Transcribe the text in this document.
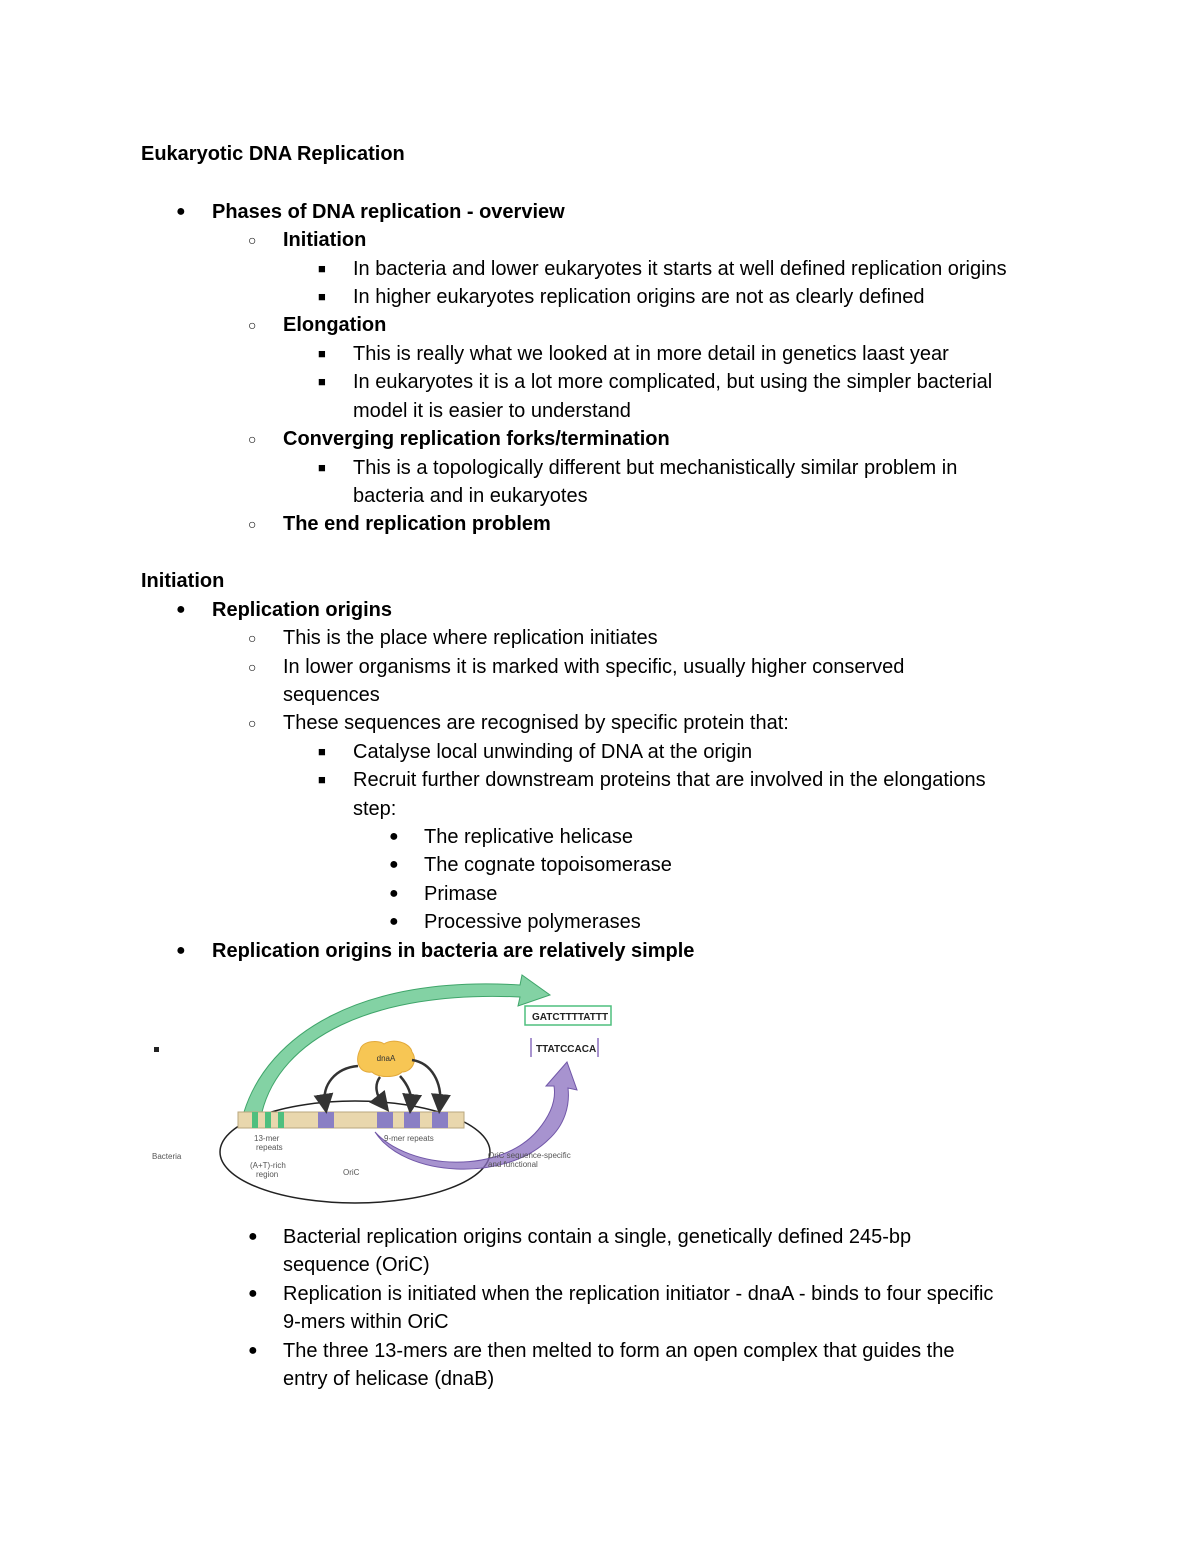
Eukaryotic DNA Replication
● Phases of DNA replication - overview
○ Initiation
■ In bacteria and lower eukaryotes it starts at well defined replication origins
■ In higher eukaryotes replication origins are not as clearly defined
○ Elongation
■ This is really what we looked at in more detail in genetics laast year
■ In eukaryotes it is a lot more complicated, but using the simpler bacterial
model it is easier to understand
○ Converging replication forks/termination
■ This is a topologically different but mechanistically similar problem in
bacteria and in eukaryotes
○ The end replication problem
Initiation
● Replication origins
○ This is the place where replication initiates
○ In lower organisms it is marked with specific, usually higher conserved
sequences
○ These sequences are recognised by specific protein that:
■ Catalyse local unwinding of DNA at the origin
■ Recruit further downstream proteins that are involved in the elongations
step:
● The replicative helicase
● The cognate topoisomerase
● Primase
● Processive polymerases
● Replication origins in bacteria are relatively simple
dnaA
GATCTTTTATTT
TTATCCACA
Bacteria
13-mer repeats
(A+T)-rich region	OriC
9-mer repeats
OriC sequence-specific and functional
● Bacterial replication origins contain a single, genetically defined 245-bp
sequence (OriC)
● Replication is initiated when the replication initiator - dnaA - binds to four specific
9-mers within OriC
● The three 13-mers are then melted to form an open complex that guides the
entry of helicase (dnaB)
